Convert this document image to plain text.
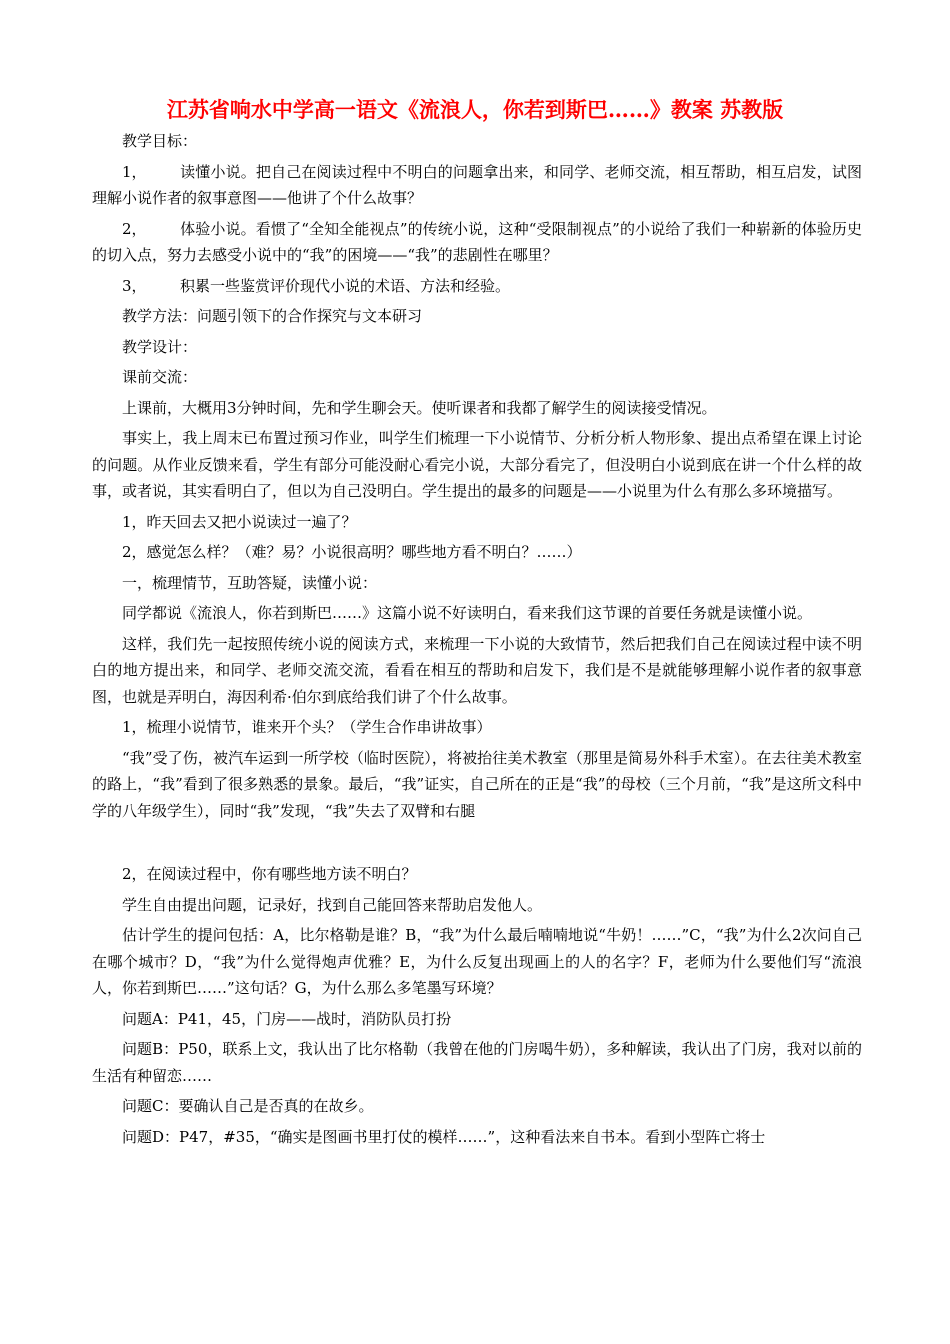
江苏省响水中学高一语文《流浪人，你若到斯巴……》教案 苏教版

教学目标：

1， 读懂小说。把自己在阅读过程中不明白的问题拿出来，和同学、老师交流，相互帮助，相互启发，试图理解小说作者的叙事意图——他讲了个什么故事？

2， 体验小说。看惯了“全知全能视点”的传统小说，这种“受限制视点”的小说给了我们一种崭新的体验历史的切入点，努力去感受小说中的“我”的困境——“我”的悲剧性在哪里？

3， 积累一些鉴赏评价现代小说的术语、方法和经验。

教学方法：问题引领下的合作探究与文本研习

教学设计：

课前交流：

上课前，大概用3分钟时间，先和学生聊会天。使听课者和我都了解学生的阅读接受情况。

事实上，我上周末已布置过预习作业，叫学生们梳理一下小说情节、分析分析人物形象、提出点希望在课上讨论的问题。从作业反馈来看，学生有部分可能没耐心看完小说，大部分看完了，但没明白小说到底在讲一个什么样的故事，或者说，其实看明白了，但以为自己没明白。学生提出的最多的问题是——小说里为什么有那么多环境描写。

1，昨天回去又把小说读过一遍了？

2，感觉怎么样？（难？易？小说很高明？哪些地方看不明白？……）

一，梳理情节，互助答疑，读懂小说：

同学都说《流浪人，你若到斯巴……》这篇小说不好读明白，看来我们这节课的首要任务就是读懂小说。

这样，我们先一起按照传统小说的阅读方式，来梳理一下小说的大致情节，然后把我们自己在阅读过程中读不明白的地方提出来，和同学、老师交流交流，看看在相互的帮助和启发下，我们是不是就能够理解小说作者的叙事意图，也就是弄明白，海因利希·伯尔到底给我们讲了个什么故事。

1，梳理小说情节，谁来开个头？（学生合作串讲故事）

“我”受了伤，被汽车运到一所学校（临时医院），将被抬往美术教室（那里是简易外科手术室）。在去往美术教室的路上，“我”看到了很多熟悉的景象。最后，“我”证实，自己所在的正是“我”的母校（三个月前，“我”是这所文科中学的八年级学生），同时“我”发现，“我”失去了双臂和右腿

2，在阅读过程中，你有哪些地方读不明白？

学生自由提出问题，记录好，找到自己能回答来帮助启发他人。

估计学生的提问包括：A，比尔格勒是谁？B，“我”为什么最后喃喃地说“牛奶！……”C，“我”为什么2次问自己在哪个城市？D，“我”为什么觉得炮声优雅？E，为什么反复出现画上的人的名字？F，老师为什么要他们写“流浪人，你若到斯巴……”这句话？G，为什么那么多笔墨写环境？

问题A：P41，45，门房——战时，消防队员打扮

问题B：P50，联系上文，我认出了比尔格勒（我曾在他的门房喝牛奶），多种解读，我认出了门房，我对以前的生活有种留恋……

问题C：要确认自己是否真的在故乡。

问题D：P47，#35，“确实是图画书里打仗的模样……”，这种看法来自书本。看到小型阵亡将士
